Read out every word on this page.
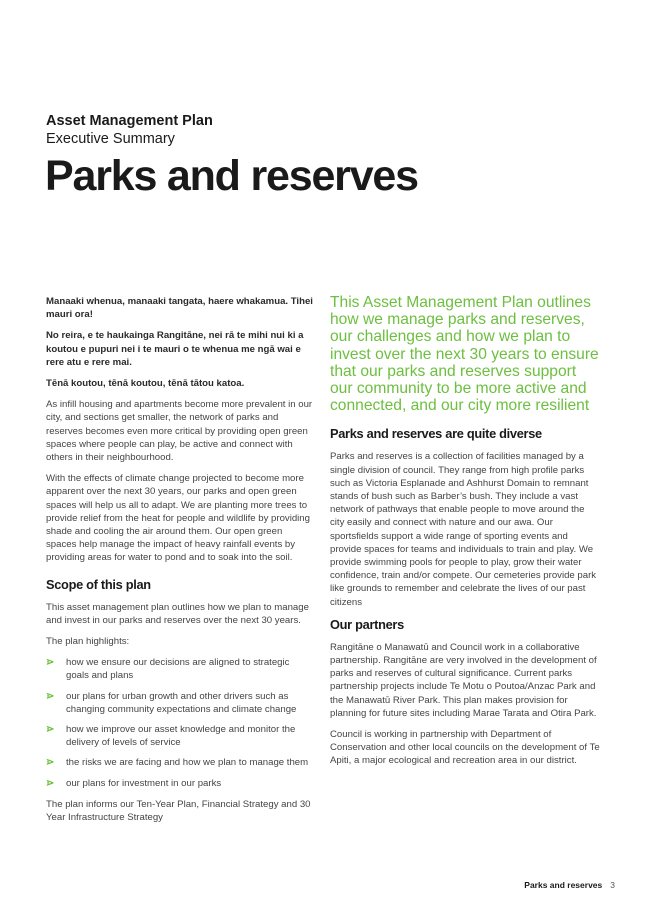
Asset Management Plan

Executive Summary

Parks and reserves

Manaaki whenua, manaaki tangata, haere whakamua. Tihei mauri ora!

No reira, e te haukainga Rangitāne, nei rā te mihi nui ki a koutou e pupuri nei i te mauri o te whenua me ngā wai e rere atu e rere mai.

Tēnā koutou, tēnā koutou, tēnā tātou katoa.

As infill housing and apartments become more prevalent in our city, and sections get smaller, the network of parks and reserves becomes even more critical by providing open green spaces where people can play, be active and connect with others in their neighbourhood.

With the effects of climate change projected to become more apparent over the next 30 years, our parks and open green spaces will help us all to adapt. We are planting more trees to provide relief from the heat for people and wildlife by providing shade and cooling the air around them. Our open green spaces help manage the impact of heavy rainfall events by providing areas for water to pond and to soak into the soil.

Scope of this plan

This asset management plan outlines how we plan to manage and invest in our parks and reserves over the next 30 years.

The plan highlights:

⋗ how we ensure our decisions are aligned to strategic goals and plans
⋗ our plans for urban growth and other drivers such as changing community expectations and climate change
⋗ how we improve our asset knowledge and monitor the delivery of levels of service
⋗ the risks we are facing and how we plan to manage them
⋗ our plans for investment in our parks

The plan informs our Ten-Year Plan, Financial Strategy and 30 Year Infrastructure Strategy

This Asset Management Plan outlines how we manage parks and reserves, our challenges and how we plan to invest over the next 30 years to ensure that our parks and reserves support our community to be more active and connected, and our city more resilient

Parks and reserves are quite diverse

Parks and reserves is a collection of facilities managed by a single division of council. They range from high profile parks such as Victoria Esplanade and Ashhurst Domain to remnant stands of bush such as Barber’s bush. They include a vast network of pathways that enable people to move around the city easily and connect with nature and our awa. Our sportsfields support a wide range of sporting events and provide spaces for teams and individuals to train and play. We provide swimming pools for people to play, grow their water confidence, train and/or compete. Our cemeteries provide park like grounds to remember and celebrate the lives of our past citizens

Our partners

Rangitāne o Manawatū and Council work in a collaborative partnership. Rangitāne are very involved in the development of parks and reserves of cultural significance. Current parks partnership projects include Te Motu o Poutoa/Anzac Park and the Manawatū River Park. This plan makes provision for planning for future sites including Marae Tarata and Otira Park.

Council is working in partnership with Department of Conservation and other local councils on the development of Te Apiti, a major ecological and recreation area in our district.

Parks and reserves 3
